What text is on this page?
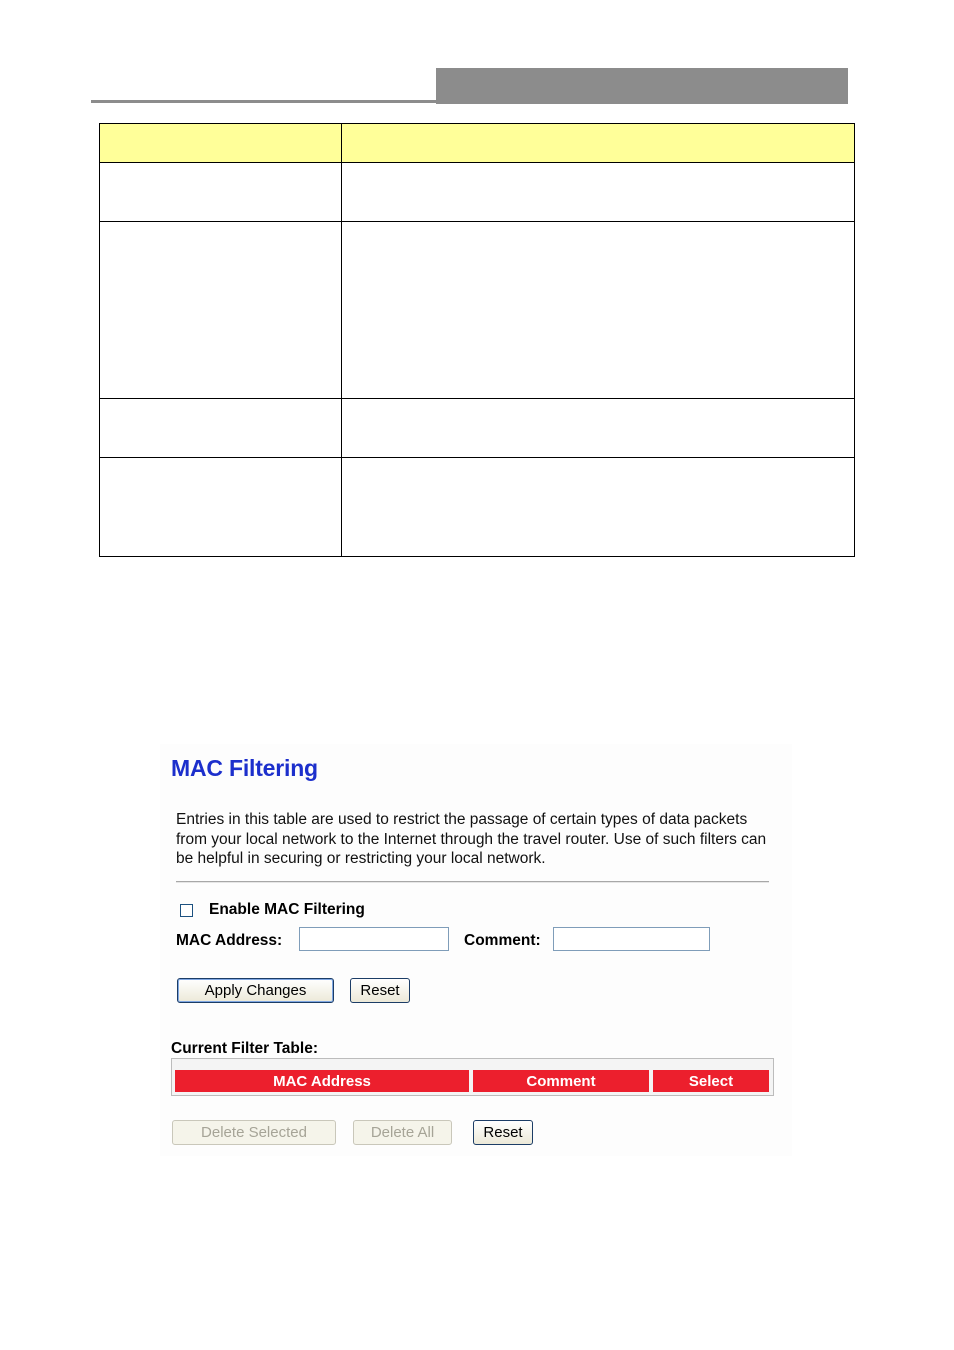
MAC Filtering
Entries in this table are used to restrict the passage of certain types of data packets from your local network to the Internet through the travel router. Use of such filters can be helpful in securing or restricting your local network.
Enable MAC Filtering
MAC Address:	Comment:
Apply Changes	Reset
Current Filter Table:
MAC Address	Comment	Select
Delete Selected	Delete All	Reset
